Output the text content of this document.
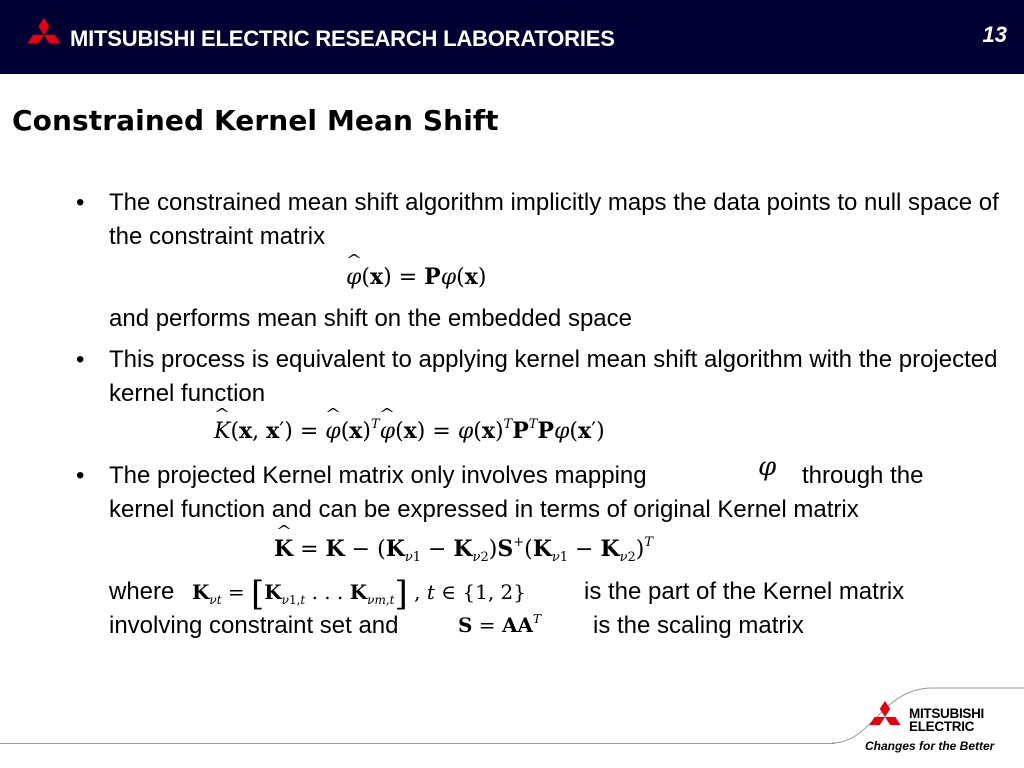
MITSUBISHI ELECTRIC RESEARCH LABORATORIES	13
Constrained Kernel Mean Shift
• The constrained mean shift algorithm implicitly maps the data points to null space of the constraint matrix

^ φ(x) = Pφ(x)

and performs mean shift on the embedded space

• This process is equivalent to applying kernel mean shift algorithm with the projected kernel function

^ K(x, x′) = ^ $\varphi(x)^T\^{}$ $\varphi(x) = \varphi(x)^TP^TP\varphi(x')$
• The projected Kernel matrix only involves mapping	φ through the
kernel function and can be expressed in terms of original Kernel matrix
^ $K = K - (K_{\nu 1} - K_{\nu 2})S^+(K_{\nu 1} - K_{\nu 2})^T$
where $K_{\nu t} = [K_{\nu 1,t}$ . . . $K_{\nu m,t}$] , t ∈ {1, 2} is the part of the Kernel matrix
involving constraint set and	$S = AA^T$ is the scaling matrix
MITSUBISHI
ELECTRIC
Changes for the Better
